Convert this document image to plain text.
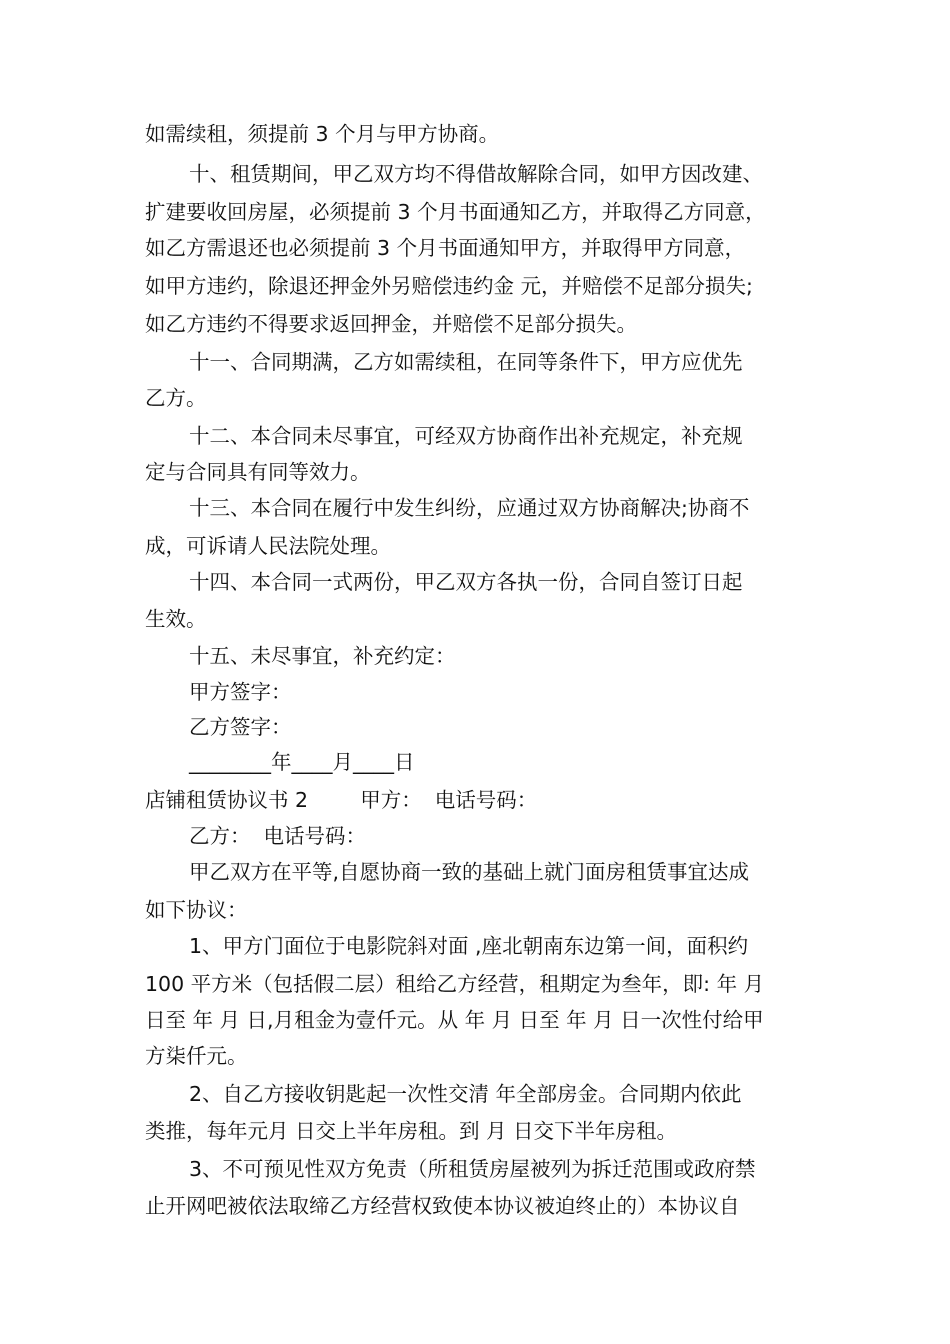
如需续租，须提前 3 个月与甲方协商。
十、租赁期间，甲乙双方均不得借故解除合同，如甲方因改建、
扩建要收回房屋，必须提前 3 个月书面通知乙方，并取得乙方同意，
如乙方需退还也必须提前 3 个月书面通知甲方，并取得甲方同意，
如甲方违约，除退还押金外另赔偿违约金 元，并赔偿不足部分损失;
如乙方违约不得要求返回押金，并赔偿不足部分损失。
十一、合同期满，乙方如需续租，在同等条件下，甲方应优先
乙方。
十二、本合同未尽事宜，可经双方协商作出补充规定，补充规
定与合同具有同等效力。
十三、本合同在履行中发生纠纷，应通过双方协商解决;协商不
成，可诉请人民法院处理。
十四、本合同一式两份，甲乙双方各执一份，合同自签订日起
生效。
十五、未尽事宜，补充约定：
甲方签字：
乙方签字：
________年____月____日
店铺租赁协议书 2        甲方：  电话号码：
乙方：  电话号码：
甲乙双方在平等,自愿协商一致的基础上就门面房租赁事宜达成
如下协议：
1、甲方门面位于电影院斜对面 ,座北朝南东边第一间，面积约
100 平方米（包括假二层）租给乙方经营，租期定为叁年，即: 年 月
日至 年 月 日,月租金为壹仟元。从 年 月 日至 年 月 日一次性付给甲
方柒仟元。
2、自乙方接收钥匙起一次性交清 年全部房金。合同期内依此
类推，每年元月 日交上半年房租。到 月 日交下半年房租。
3、不可预见性双方免责（所租赁房屋被列为拆迁范围或政府禁
止开网吧被依法取缔乙方经营权致使本协议被迫终止的）本协议自
